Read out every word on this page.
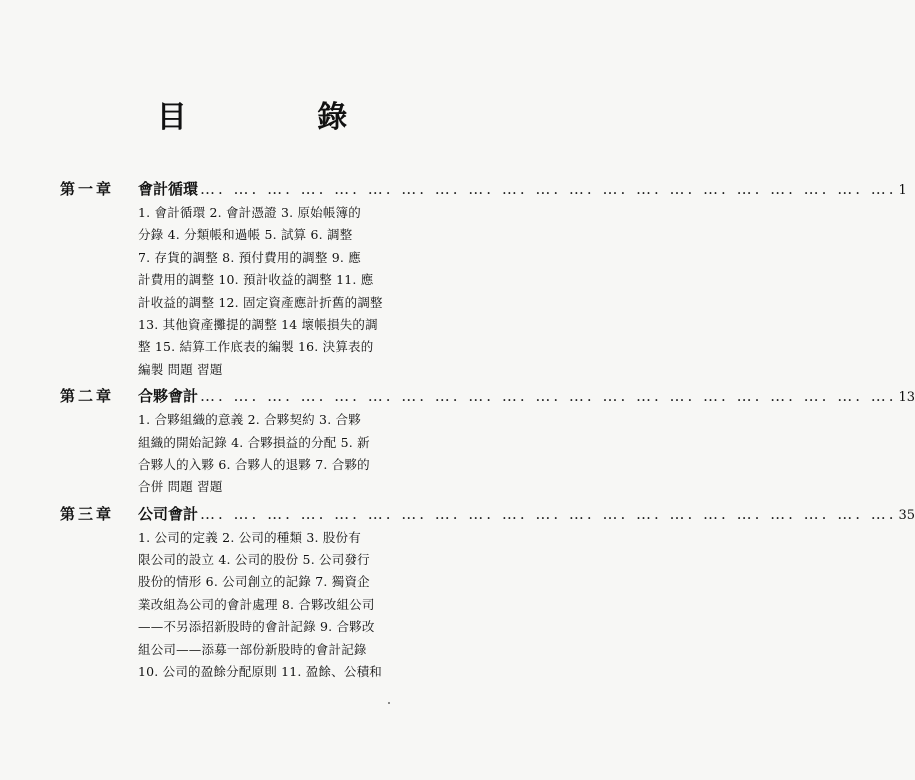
目 錄
第一章	會計循環 …. …. …. …. …. …. …. …. …. …. …. …. …. …. …. …. …. …. …. …. …. 1
1. 會計循環 2. 會計憑證 3. 原始帳簿的
分錄 4. 分類帳和過帳 5. 試算 6. 調整
7. 存貨的調整 8. 預付費用的調整 9. 應
計費用的調整 10. 預計收益的調整 11. 應
計收益的調整 12. 固定資產應計折舊的調整
13. 其他資產攤提的調整 14 壞帳損失的調
整 15. 結算工作底表的編製 16. 決算表的
編製 問題 習題
第二章	合夥會計 …. …. …. …. …. …. …. …. …. …. …. …. …. …. …. …. …. …. …. …. …. 13
1. 合夥組織的意義 2. 合夥契約 3. 合夥
組織的開始記錄 4. 合夥損益的分配 5. 新
合夥人的入夥 6. 合夥人的退夥 7. 合夥的
合併 問題 習題
第三章	公司會計 …. …. …. …. …. …. …. …. …. …. …. …. …. …. …. …. …. …. …. …. …. 35
1. 公司的定義 2. 公司的種類 3. 股份有
限公司的設立 4. 公司的股份 5. 公司發行
股份的情形 6. 公司創立的記錄 7. 獨資企
業改組為公司的會計處理 8. 合夥改組公司
——不另添招新股時的會計記錄 9. 合夥改
組公司——添募一部份新股時的會計記錄
10. 公司的盈餘分配原則 11. 盈餘、公積和
